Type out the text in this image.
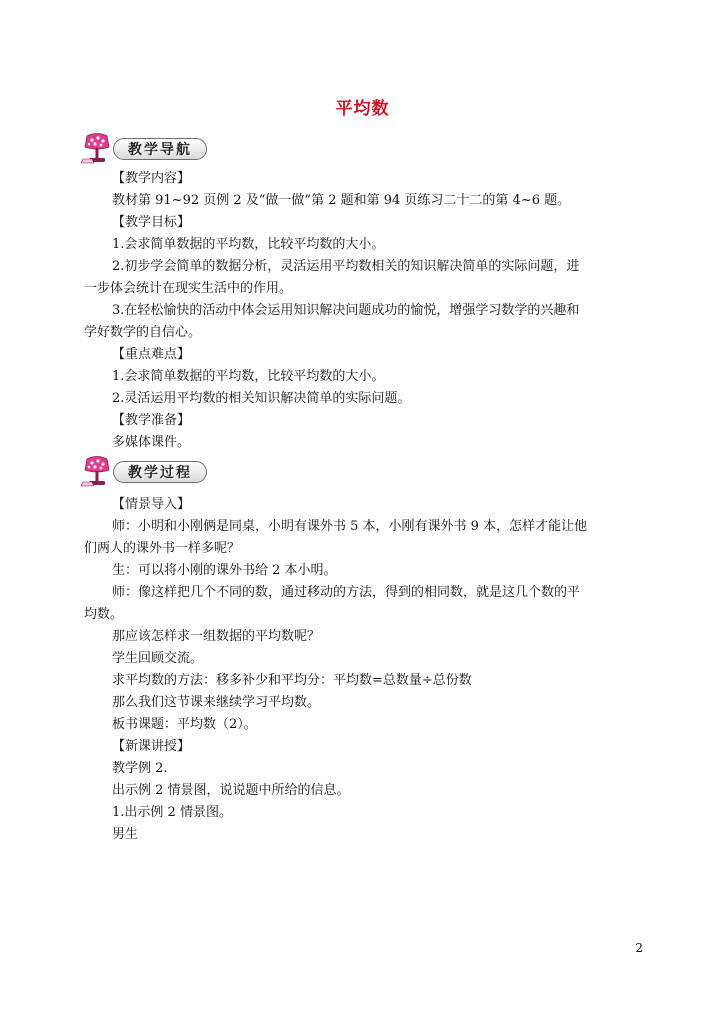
平均数
教学导航
教学过程
【教学内容】
教材第 91~92 页例 2 及“做一做”第 2 题和第 94 页练习二十二的第 4~6 题。
【教学目标】
1.会求简单数据的平均数，比较平均数的大小。
2.初步学会简单的数据分析，灵活运用平均数相关的知识解决简单的实际问题，进
一步体会统计在现实生活中的作用。
3.在轻松愉快的活动中体会运用知识解决问题成功的愉悦，增强学习数学的兴趣和
学好数学的自信心。
【重点难点】
1.会求简单数据的平均数，比较平均数的大小。
2.灵活运用平均数的相关知识解决简单的实际问题。
【教学准备】
多媒体课件。
【情景导入】
师：小明和小刚俩是同桌，小明有课外书 5 本，小刚有课外书 9 本，怎样才能让他
们两人的课外书一样多呢？
生：可以将小刚的课外书给 2 本小明。
师：像这样把几个不同的数，通过移动的方法，得到的相同数，就是这几个数的平
均数。
那应该怎样求一组数据的平均数呢？
学生回顾交流。
求平均数的方法：移多补少和平均分：平均数=总数量÷总份数
那么我们这节课来继续学习平均数。
板书课题：平均数（2）。
【新课讲授】
教学例 2.
出示例 2 情景图，说说题中所给的信息。
1.出示例 2 情景图。
男生
2
